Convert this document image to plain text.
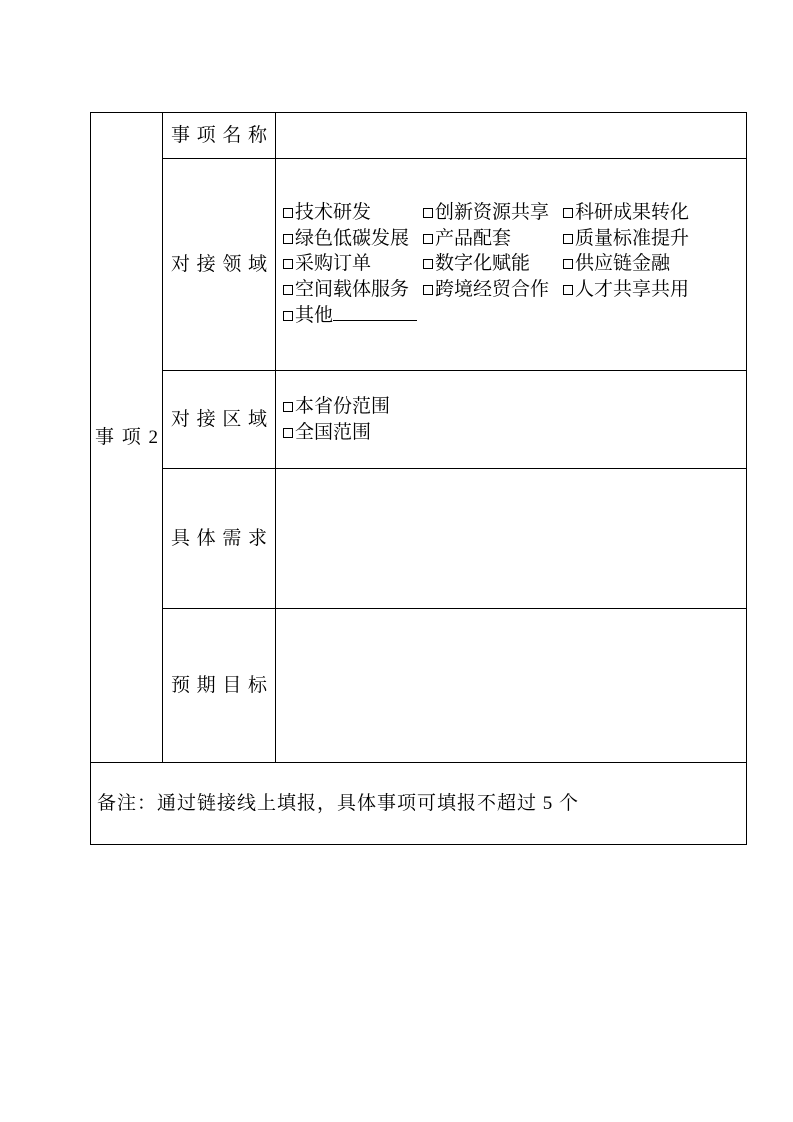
事项2	事项名称	
	对接领域	技术研发 创新资源共享 科研成果转化
绿色低碳发展 产品配套 质量标准提升
采购订单 数字化赋能 供应链金融
空间载体服务 跨境经贸合作 人才共享共用
其他

	对接区域	本省份范围
全国范围

	具体需求	
	预期目标	
备注：通过链接线上填报，具体事项可填报不超过 5 个		
